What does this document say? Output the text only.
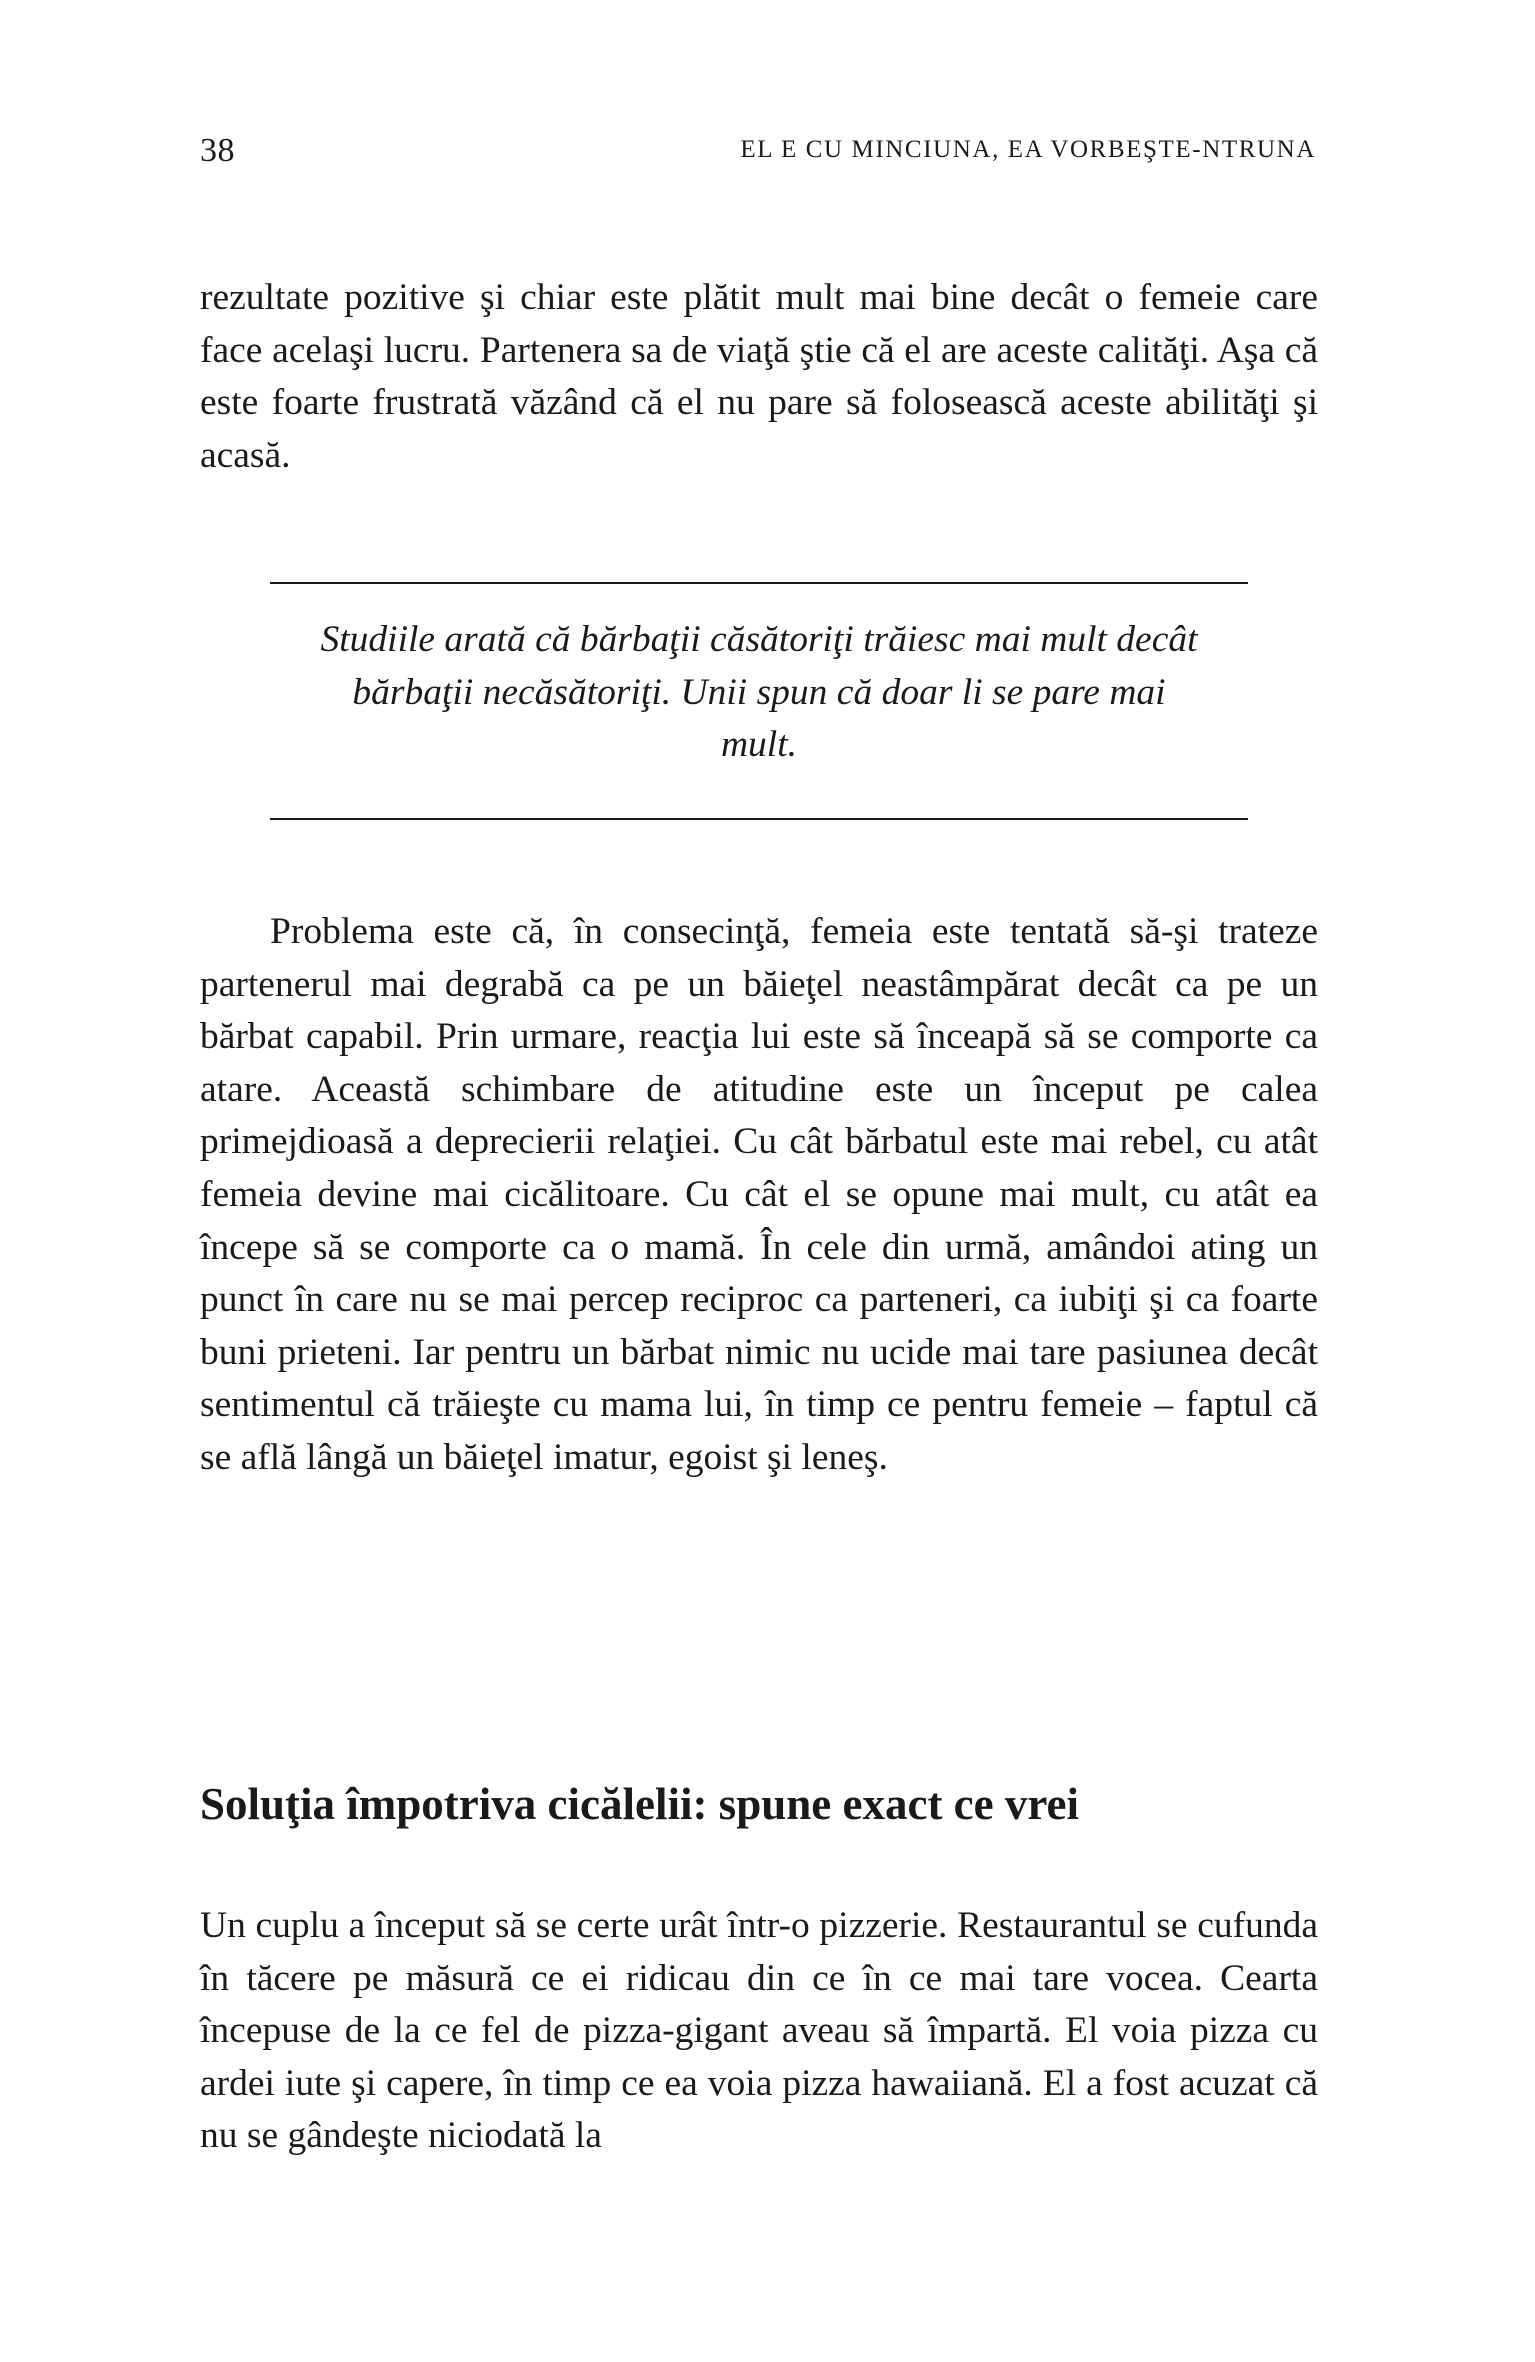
38	EL E CU MINCIUNA, EA VORBEŞTE-NTRUNA

rezultate pozitive şi chiar este plătit mult mai bine decât o femeie care face acelaşi lucru. Partenera sa de viaţă ştie că el are aceste calităţi. Aşa că este foarte frustrată văzând că el nu pare să folosească aceste abilităţi şi acasă.

Studiile arată că bărbaţii căsătoriţi trăiesc mai mult decât bărbaţii necăsătoriţi. Unii spun că doar li se pare mai mult.

Problema este că, în consecinţă, femeia este tentată să-şi trateze partenerul mai degrabă ca pe un băieţel neastâmpărat decât ca pe un bărbat capabil. Prin urmare, reacţia lui este să înceapă să se comporte ca atare. Această schimbare de atitudine este un început pe calea primejdioasă a deprecierii relaţiei. Cu cât bărbatul este mai rebel, cu atât femeia devine mai cicălitoare. Cu cât el se opune mai mult, cu atât ea începe să se comporte ca o mamă. În cele din urmă, amândoi ating un punct în care nu se mai percep reciproc ca parteneri, ca iubiţi şi ca foarte buni prieteni. Iar pentru un bărbat nimic nu ucide mai tare pasiunea decât sentimentul că trăieşte cu mama lui, în timp ce pentru femeie – faptul că se află lângă un băieţel imatur, egoist şi leneş.

Soluţia împotriva cicălelii: spune exact ce vrei

Un cuplu a început să se certe urât într-o pizzerie. Restaurantul se cufunda în tăcere pe măsură ce ei ridicau din ce în ce mai tare vocea. Cearta începuse de la ce fel de pizza-gigant aveau să împartă. El voia pizza cu ardei iute şi capere, în timp ce ea voia pizza hawaiiană. El a fost acuzat că nu se gândeşte niciodată la
